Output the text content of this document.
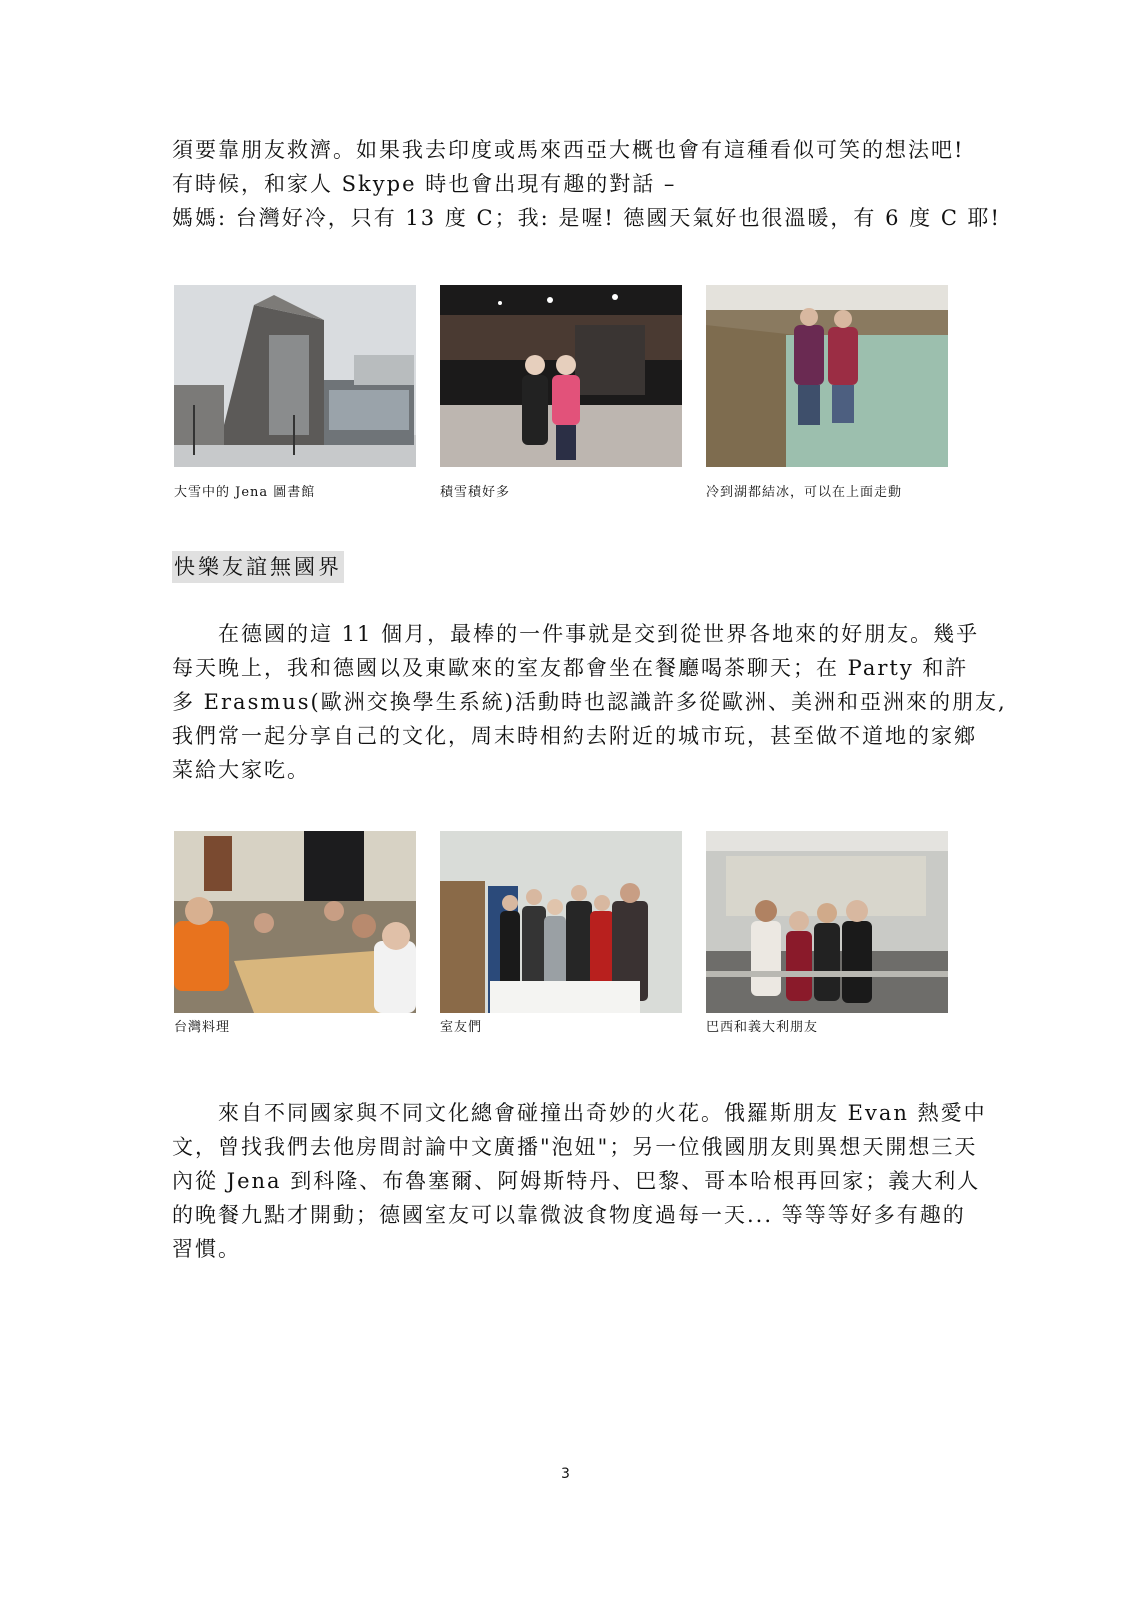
須要靠朋友救濟。如果我去印度或馬來西亞大概也會有這種看似可笑的想法吧!
有時候，和家人 Skype 時也會出現有趣的對話 –
媽媽: 台灣好冷，只有 13 度 C；我: 是喔! 德國天氣好也很溫暖，有 6 度 C 耶!
大雪中的 Jena 圖書館	積雪積好多	冷到湖都結冰，可以在上面走動
快樂友誼無國界
在德國的這 11 個月，最棒的一件事就是交到從世界各地來的好朋友。幾乎
每天晚上，我和德國以及東歐來的室友都會坐在餐廳喝茶聊天；在 Party 和許
多 Erasmus(歐洲交換學生系統)活動時也認識許多從歐洲、美洲和亞洲來的朋友,
我們常一起分享自己的文化，周末時相約去附近的城市玩，甚至做不道地的家鄉
菜給大家吃。
台灣料理	室友們	巴西和義大利朋友
來自不同國家與不同文化總會碰撞出奇妙的火花。俄羅斯朋友 Evan 熱愛中
文，曾找我們去他房間討論中文廣播"泡妞"；另一位俄國朋友則異想天開想三天
內從 Jena 到科隆、布魯塞爾、阿姆斯特丹、巴黎、哥本哈根再回家；義大利人
的晚餐九點才開動；德國室友可以靠微波食物度過每一天... 等等等好多有趣的
習慣。
3
